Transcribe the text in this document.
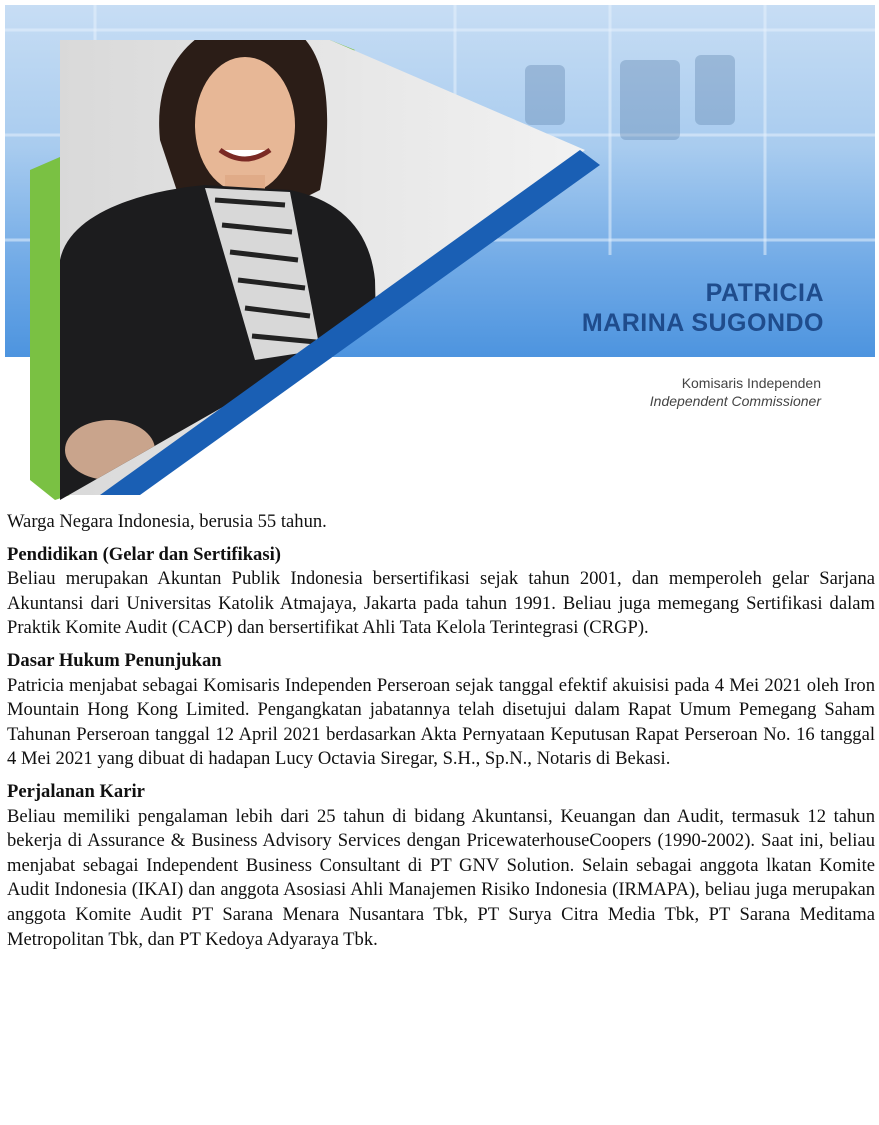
PATRICIA
MARINA SUGONDO
Komisaris Independen
Independent Commissioner

Warga Negara Indonesia, berusia 55 tahun.

Pendidikan (Gelar dan Sertifikasi)

Beliau merupakan Akuntan Publik Indonesia bersertifikasi sejak tahun 2001, dan memperoleh gelar Sarjana Akuntansi dari Universitas Katolik Atmajaya, Jakarta pada tahun 1991. Beliau juga memegang Sertifikasi dalam Praktik Komite Audit (CACP) dan bersertifikat Ahli Tata Kelola Terintegrasi (CRGP).

Dasar Hukum Penunjukan

Patricia menjabat sebagai Komisaris Independen Perseroan sejak tanggal efektif akuisisi pada 4 Mei 2021 oleh Iron Mountain Hong Kong Limited. Pengangkatan jabatannya telah disetujui dalam Rapat Umum Pemegang Saham Tahunan Perseroan tanggal 12 April 2021 berdasarkan Akta Pernyataan Keputusan Rapat Perseroan No. 16 tanggal 4 Mei 2021 yang dibuat di hadapan Lucy Octavia Siregar, S.H., Sp.N., Notaris di Bekasi.

Perjalanan Karir

Beliau memiliki pengalaman lebih dari 25 tahun di bidang Akuntansi, Keuangan dan Audit, termasuk 12 tahun bekerja di Assurance & Business Advisory Services dengan PricewaterhouseCoopers (1990-2002). Saat ini, beliau menjabat sebagai Independent Business Consultant di PT GNV Solution. Selain sebagai anggota lkatan Komite Audit Indonesia (IKAI) dan anggota Asosiasi Ahli Manajemen Risiko Indonesia (IRMAPA), beliau juga merupakan anggota Komite Audit PT Sarana Menara Nusantara Tbk, PT Surya Citra Media Tbk, PT Sarana Meditama Metropolitan Tbk, dan PT Kedoya Adyaraya Tbk.
